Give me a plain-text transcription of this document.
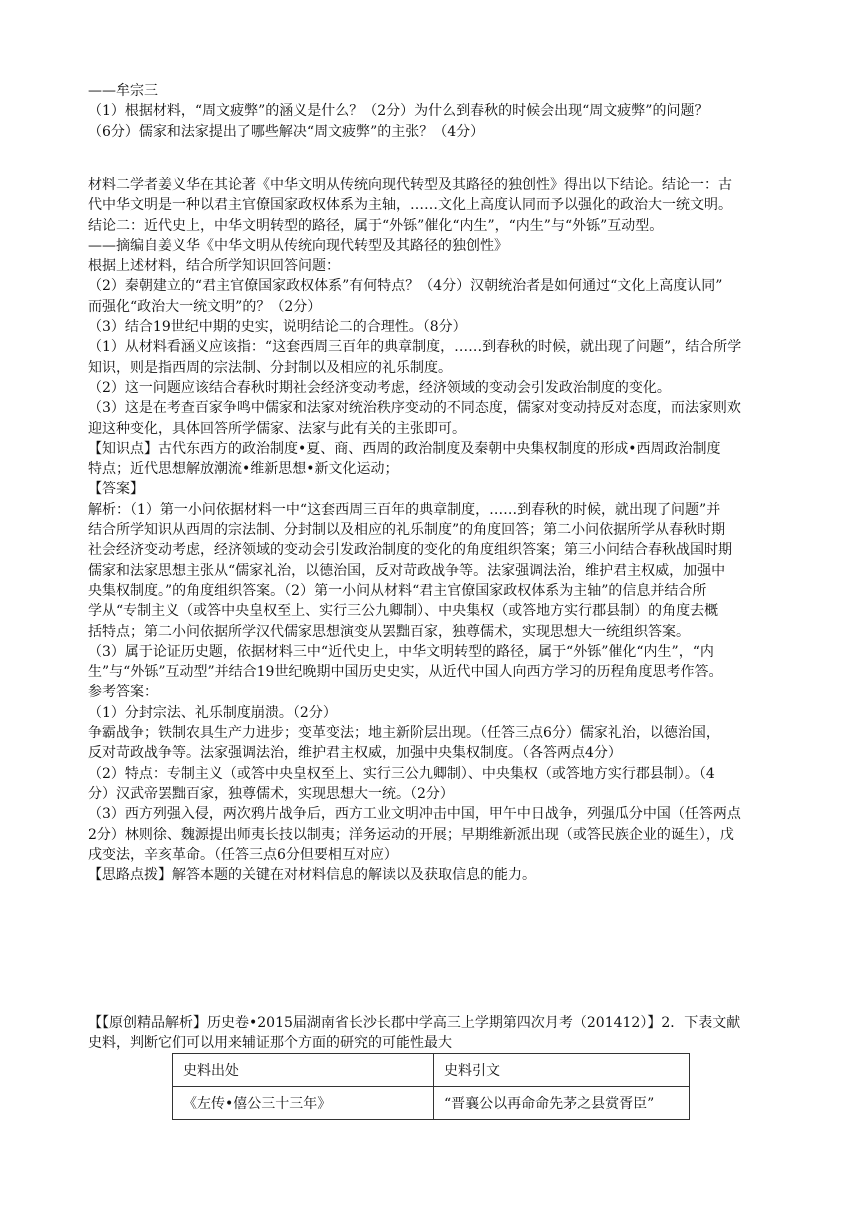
——牟宗三

（1）根据材料，“周文疲弊”的涵义是什么？（2分）为什么到春秋的时候会出现“周文疲弊”的问题？

（6分）儒家和法家提出了哪些解决“周文疲弊”的主张？（4分）

材料二学者姜义华在其论著《中华文明从传统向现代转型及其路径的独创性》得出以下结论。结论一：古

代中华文明是一种以君主官僚国家政权体系为主轴，……文化上高度认同而予以强化的政治大一统文明。

结论二：近代史上，中华文明转型的路径，属于“外铄”催化“内生”，“内生”与“外铄”互动型。

——摘编自姜义华《中华文明从传统向现代转型及其路径的独创性》

根据上述材料，结合所学知识回答问题：

（2）秦朝建立的“君主官僚国家政权体系”有何特点？（4分）汉朝统治者是如何通过“文化上高度认同”

而强化“政治大一统文明”的？（2分）

（3）结合19世纪中期的史实，说明结论二的合理性。（8分）

（1）从材料看涵义应该指：“这套西周三百年的典章制度，……到春秋的时候，就出现了问题”，结合所学

知识，则是指西周的宗法制、分封制以及相应的礼乐制度。

（2）这一问题应该结合春秋时期社会经济变动考虑，经济领域的变动会引发政治制度的变化。

（3）这是在考查百家争鸣中儒家和法家对统治秩序变动的不同态度，儒家对变动持反对态度，而法家则欢

迎这种变化，具体回答所学儒家、法家与此有关的主张即可。

【知识点】古代东西方的政治制度•夏、商、西周的政治制度及秦朝中央集权制度的形成•西周政治制度

特点；近代思想解放潮流•维新思想•新文化运动；

【答案】

解析：（1）第一小问依据材料一中“这套西周三百年的典章制度，……到春秋的时候，就出现了问题”并

结合所学知识从西周的宗法制、分封制以及相应的礼乐制度”的角度回答；第二小问依据所学从春秋时期

社会经济变动考虑，经济领域的变动会引发政治制度的变化的角度组织答案；第三小问结合春秋战国时期

儒家和法家思想主张从“儒家礼治，以德治国，反对苛政战争等。法家强调法治，维护君主权威，加强中

央集权制度。”的角度组织答案。（2）第一小问从材料“君主官僚国家政权体系为主轴”的信息并结合所

学从“专制主义（或答中央皇权至上、实行三公九卿制）、中央集权（或答地方实行郡县制）的角度去概

括特点；第二小问依据所学汉代儒家思想演变从罢黜百家，独尊儒术，实现思想大一统组织答案。

（3）属于论证历史题，依据材料三中“近代史上，中华文明转型的路径，属于“外铄”催化“内生”，“内

生”与“外铄”互动型”并结合19世纪晚期中国历史史实，从近代中国人向西方学习的历程角度思考作答。

参考答案：

（1）分封宗法、礼乐制度崩溃。（2分）

争霸战争；铁制农具生产力进步；变革变法；地主新阶层出现。（任答三点6分）儒家礼治，以德治国，

反对苛政战争等。法家强调法治，维护君主权威，加强中央集权制度。（各答两点4分）

（2）特点：专制主义（或答中央皇权至上、实行三公九卿制）、中央集权（或答地方实行郡县制）。（4

分）汉武帝罢黜百家，独尊儒术，实现思想大一统。（2分）

（3）西方列强入侵，两次鸦片战争后，西方工业文明冲击中国，甲午中日战争，列强瓜分中国（任答两点

2分）林则徐、魏源提出师夷长技以制夷；洋务运动的开展；早期维新派出现（或答民族企业的诞生），戊

戌变法，辛亥革命。（任答三点6分但要相互对应）

【思路点拨】解答本题的关键在对材料信息的解读以及获取信息的能力。

【【原创精品解析】历史卷•2015届湖南省长沙长郡中学高三上学期第四次月考（201412）】2．下表文献

史料，判断它们可以用来辅证那个方面的研究的可能性最大

史料出处	史料引文
《左传•僖公三十三年》	“晋襄公以再命命先茅之县赏胥臣”
